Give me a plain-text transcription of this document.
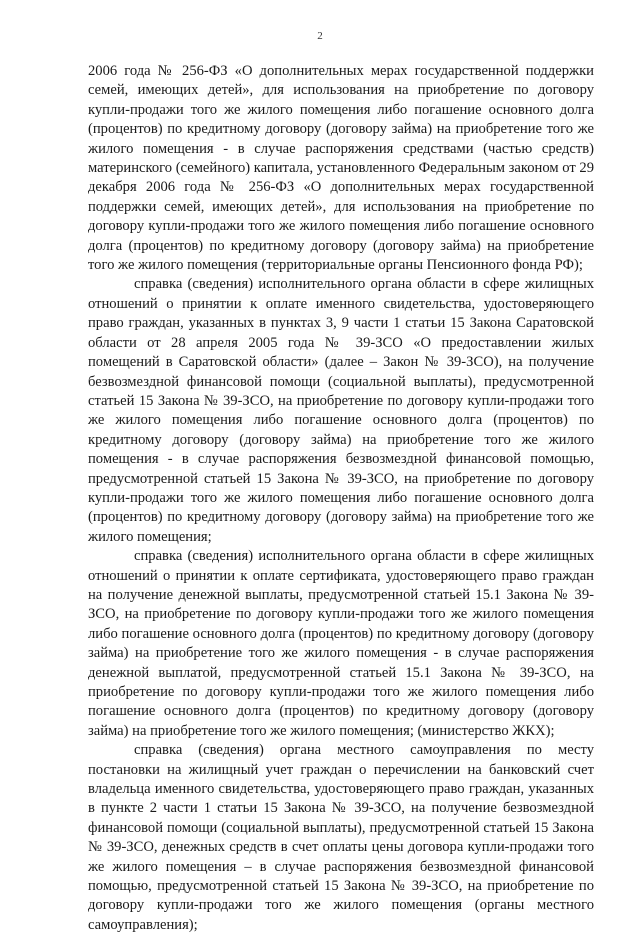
2

2006 года № 256-ФЗ «О дополнительных мерах государственной поддержки семей, имеющих детей», для использования на приобретение по договору купли-продажи того же жилого помещения либо погашение основного долга (процентов) по кредитному договору (договору займа) на приобретение того же жилого помещения - в случае распоряжения средствами (частью средств) материнского (семейного) капитала, установленного Федеральным законом от 29 декабря 2006 года № 256-ФЗ «О дополнительных мерах государственной поддержки семей, имеющих детей», для использования на приобретение по договору купли-продажи того же жилого помещения либо погашение основного долга (процентов) по кредитному договору (договору займа) на приобретение того же жилого помещения (территориальные органы Пенсионного фонда РФ);

справка (сведения) исполнительного органа области в сфере жилищных отношений о принятии к оплате именного свидетельства, удостоверяющего право граждан, указанных в пунктах 3, 9 части 1 статьи 15 Закона Саратовской области от 28 апреля 2005 года № 39-ЗСО «О предоставлении жилых помещений в Саратовской области» (далее – Закон № 39-ЗСО), на получение безвозмездной финансовой помощи (социальной выплаты), предусмотренной статьей 15 Закона № 39-ЗСО, на приобретение по договору купли-продажи того же жилого помещения либо погашение основного долга (процентов) по кредитному договору (договору займа) на приобретение того же жилого помещения - в случае распоряжения безвозмездной финансовой помощью, предусмотренной статьей 15 Закона № 39-ЗСО, на приобретение по договору купли-продажи того же жилого помещения либо погашение основного долга (процентов) по кредитному договору (договору займа) на приобретение того же жилого помещения;

справка (сведения) исполнительного органа области в сфере жилищных отношений о принятии к оплате сертификата, удостоверяющего право граждан на получение денежной выплаты, предусмотренной статьей 15.1 Закона № 39-ЗСО, на приобретение по договору купли-продажи того же жилого помещения либо погашение основного долга (процентов) по кредитному договору (договору займа) на приобретение того же жилого помещения - в случае распоряжения денежной выплатой, предусмотренной статьей 15.1 Закона № 39-ЗСО, на приобретение по договору купли-продажи того же жилого помещения либо погашение основного долга (процентов) по кредитному договору (договору займа) на приобретение того же жилого помещения; (министерство ЖКХ);

справка (сведения) органа местного самоуправления по месту постановки на жилищный учет граждан о перечислении на банковский счет владельца именного свидетельства, удостоверяющего право граждан, указанных в пункте 2 части 1 статьи 15 Закона № 39-ЗСО, на получение безвозмездной финансовой помощи (социальной выплаты), предусмотренной статьей 15 Закона № 39-ЗСО, денежных средств в счет оплаты цены договора купли-продажи того же жилого помещения – в случае распоряжения безвозмездной финансовой помощью, предусмотренной статьей 15 Закона № 39-ЗСО, на приобретение по договору купли-продажи того же жилого помещения (органы местного самоуправления);
